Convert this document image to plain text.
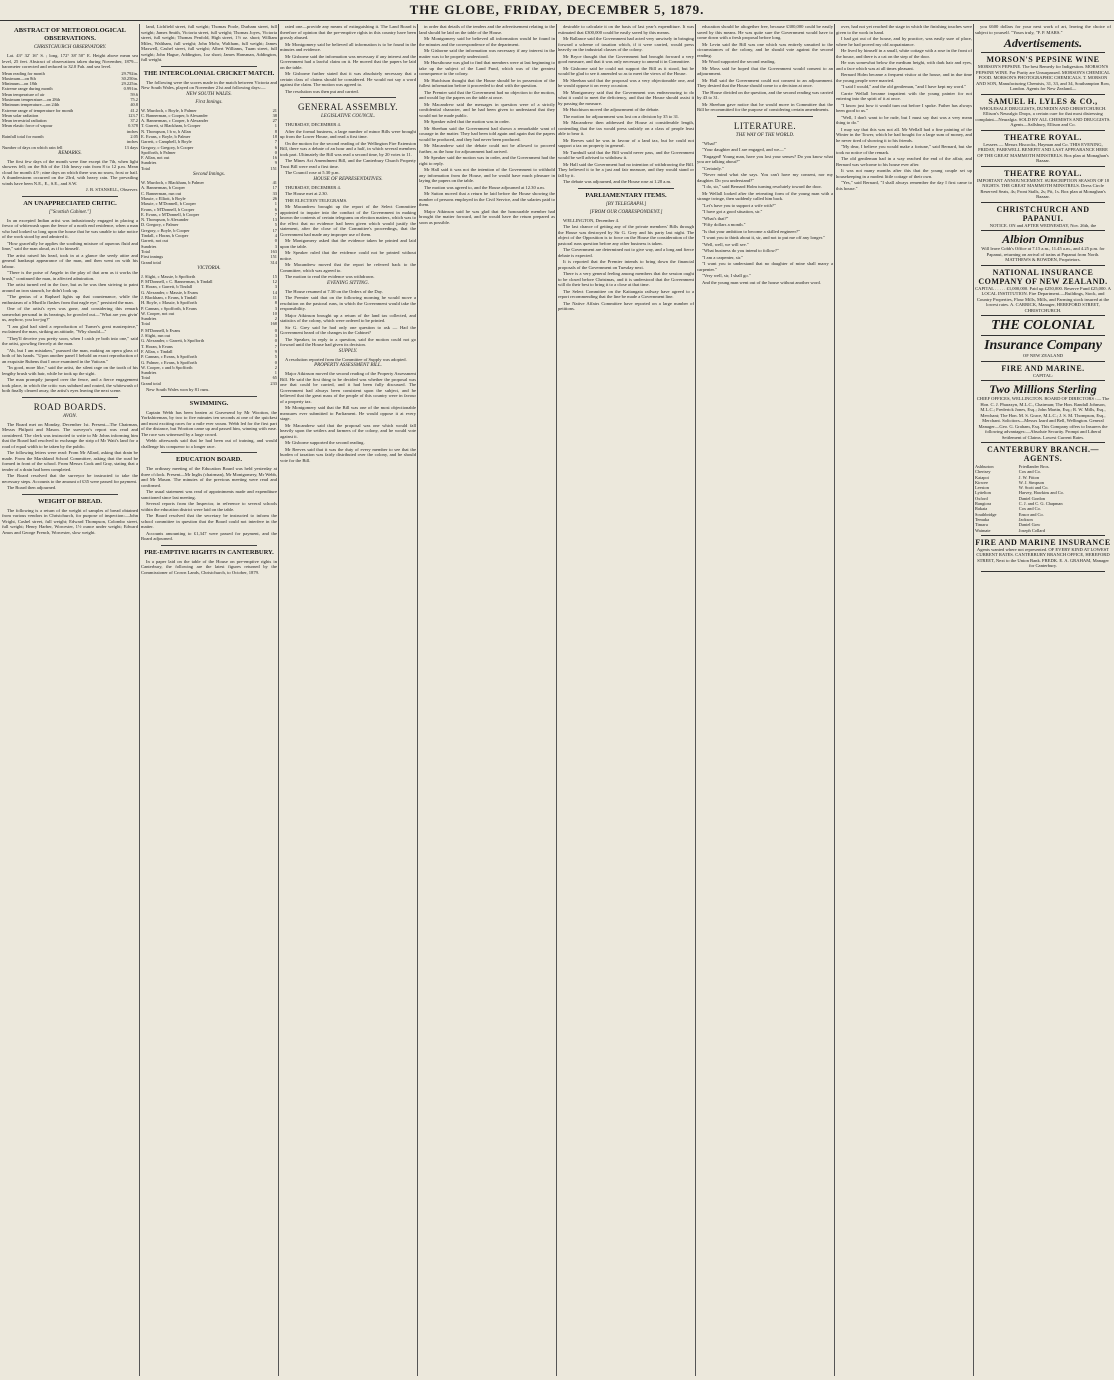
THE GLOBE, FRIDAY, DECEMBER 5, 1879.
ABSTRACT OF METEOROLOGICAL OBSERVATIONS.
CHRISTCHURCH OBSERVATORY.

Lat. 43° 32' 16" S. ; long. 172° 38' 50" E. Height above mean sea level, 25 feet. Abstract of observations taken during November, 1879—barometer corrected and reduced to 32.0 Fah. and sea level.

Mean reading for month	29.792in.
Maximum—on 8th	30.250in.
Minimum—on 18th	29.225in.
Extreme range during month	0.991in.
Mean temperature of air	59.6
Maximum temperature—on 28th	75.2
Minimum temperature—on 24th	40.8
Extreme range of temperature for month	41.2
Mean solar radiation	123.7
Mean terrestrial radiation	37.2
Mean elastic force of vapour	0.378 inches
Rainfall total for month	2.05 inches
Number of days on which rain fell	13 days
REMARKS.

The first few days of the month were fine except the 7th, when light showers fell; on the 8th of the 11th heavy rain from 8 to 12 p.m. Mean cloud for month 4.9 ; nine days on which there was no snow, frost or hail. A thunderstorm occurred on the 23rd, with heavy rain. The prevailing winds have been N.E., E., S.E., and S.W.

J. B. STANSELL, Observer.

AN UNAPPRECIATED CRITIC.
["Scottish Cabinet."]

In an excepted Indian artist was industriously engaged in placing a fresco of whitewash upon the fence of a north end residence, when a man who had looked so long upon the house that he was unable to take notice of the work stood by and admired it.

"How gracefully he applies the soothing mixture of aqueous fluid and lime," said the man aloud, as if to himself.

The artist raised his head, took in at a glance the seedy attire and general bankrupt appearance of the man, and then went on with his labour.

"There is the poise of Angelo in the play of that arm as it works the brush," continued the man, in affected admiration.

The artist turned red in the face, but as he was then striving to paint around an iron staunch, he didn't look up.

"The genius of a Raphael lights up that countenance, while the enthusiasm of a Murillo flashes from that eagle eye," persisted the man.

One of the artist's eyes was gone, and considering this remark somewhat personal in its bearings, he growled out—"What are you givin' us, anyhow, you loo-jog?"

"I am glad had sited a reproduction of Turner's great masterpiece," exclaimed the man, striking an attitude, "Why should—"

"They'll deceive you pretty soon, when I catch ye both into one," said the artist, growling fiercely at the man.

"Ah, but I am mistaken," pursued the man, making an opera glass of both of his hands. "Upon another panel I behold an exact reproduction of an exquisite Rubens that I once examined in the Vatican."

"In good, more like," said the artist, the silent rage on the tooth of his lengthy brush with hair, while he took up the sight.

The man promptly jumped over the fence, and a fierce engagement took place, in which the critic was subdued and routed, the whitewash of both finally cleared away, the artist's eyes leaving the next scene.

ROAD BOARDS.
AVON.

The Board met on Monday, December 1st. Present—The Chairman, Messrs Philpott and Mason. The surveyor's report was read and considered. The clerk was instructed to write to Mr Johns informing him that the Board had resolved to exchange the strip of Mr Watt's land for a road of equal width to be taken by the public.

The following letters were read: From Mr Allard, asking that drain be made. From the Marshland School Committee, asking that the road be formed in front of the school. From Messrs Cook and Gray, stating that a tender of a drain had been completed.

The Board resolved that the surveyor be instructed to take the necessary steps. Accounts to the amount of £35 were passed for payment.

The Board then adjourned.

WEIGHT OF BREAD.

The following is a return of the weight of samples of bread obtained from various vendors in Christchurch, for purpose of inspection:—John Wright, Cashel street, full weight; Edward Thompson, Colombo street, full weight; Henry Harber, Worcester, 1½ ounce under weight; Edward Amos and George French, Worcester, slow weight.

land, Lichfield street, full weight; Thomas Poole, Durham street, full weight; James Smith, Victoria street, full weight; Thomas Joyes, Victoria street, full weight; Thomas Penfold, High street, 1½ oz. short; William Miles, Waltham, full weight; John Mohr, Waltham, full weight; James Maxwell, Cashel street, full weight; Albert Williams, Tuam street, full weight; John Hague, Addington, 1oz short; James Hansman, Addington, full weight.

THE INTERCOLONIAL CRICKET MATCH.

The following were the scores made in the match between Victoria and New South Wales, played on November 21st and following days:—

NEW SOUTH WALES.
First Innings.
W. Murdoch, c Boyle, b Palmer	21
C. Bannerman, c Cooper, b Alexander	38
A. Bannerman, c Cooper, b Alexander	27
T. Garrett, st Blackham, b Cooper	1
N. Thompson, l b w, b Allan	8
E. Evans, c Boyle, b Palmer	18
Garrett, c Campbell, b Boyle	7
Gregory, c Gregory, b Cooper	6
Spofforth, b Palmer	0
F. Allan, not out	16
Sundries	9
Total	151
Second Innings.
W. Murdoch, c Blackham, b Palmer	41
A. Bannerman, b Cooper	17
C. Bannerman, run out	33
Massie, c Elliott, b Boyle	26
Massie, c M'Donnell, b Cooper	1
Evans, c M'Donnell, b Cooper	6
E. Evans, c M'Donnell, b Cooper	7
N. Thompson, b Alexander	13
D. Gregory, c Palmer	5
Gregory, c Boyle, b Cooper	17
Tindall, c Horan, b Cooper	4
Garrett, not out	0
Sundries	3
Total	163
First innings	151
Grand total	314
VICTORIA.
J. Slight, c Massie, b Spofforth	15
P. M'Donnell, c C. Bannerman, b Tindall	12
T. Horan, c Garrett, b Tindall	3
G. Alexander, c Massie, b Evans	14
J. Blackham, c Evans, b Tindall	11
H. Boyle, c Massie, b Spofforth	8
P. Cannan, c Spofforth, b Evans	3
W. Cooper, not out	10
Sundries	2
Total	168
P. M'Donnell, b Evans	0
J. Slight, run out	3
G. Alexander, c Garrett, b Spofforth	0
T. Horan, b Evans	7
F. Allan, c Tindall	9
P. Cannan, c Evans, b Spofforth	5
G. Palmer, c Evans, b Spofforth	0
W. Cooper, c and b Spofforth	2
Sundries	1
Total	65
Grand total	233

New South Wales won by 81 runs.

SWIMMING.

Captain Webb has been beaten at Gravesend by Mr Wootton, the Yorkshireman, by two to five minutes ten seconds at one of the quickest and most exciting races for a mile ever swum. Webb led for the first part of the distance, but Wootton came up and passed him, winning with ease. The race was witnessed by a large crowd.

Webb afterwards said that he had been out of training, and would challenge his conqueror to a longer race.

EDUCATION BOARD.

The ordinary meeting of the Education Board was held yesterday at three o'clock. Present—Mr Inglis (chairman), Mr Montgomery, Mr Webb, and Mr Mason. The minutes of the previous meeting were read and confirmed.

The usual statement was read of appointments made and expenditure sanctioned since last meeting.

Several reports from the Inspector, in reference to several schools within the education district were laid on the table.

The Board resolved that the secretary be instructed to inform the school committee in question that the Board could not interfere in the matter.

Accounts amounting to £1,347 were passed for payment, and the Board adjourned.

PRE-EMPTIVE RIGHTS IN CANTERBURY.

In a paper laid on the table of the House on pre-emptive rights in Canterbury, the following are the latest figures returned by the Commissioner of Crown Lands, Christchurch, to October, 1879.

rated one—provide any means of extinguishing it. The Land Board is therefore of opinion that the pre-emptive rights in this country have been grossly abused.

Mr Montgomery said he believed all information is to be found in the minutes and evidence.

Mr Gisborne said the information was necessary if any interest and the Government had a lawful claim on it. He moved that the papers be laid on the table.

Mr Gisborne further stated that it was absolutely necessary that a certain class of claims should be considered. He would not say a word against the claim. The motion was agreed to.

The resolution was then put and carried.

GENERAL ASSEMBLY.
LEGISLATIVE COUNCIL.

THURSDAY, DECEMBER 4.

After the formal business, a large number of minor Bills were brought up from the Lower House, and read a first time.

On the motion for the second reading of the Wellington Fire Extension Bill, there was a debate of an hour and a half, in which several members took part. Ultimately the Bill was read a second time, by 20 votes to 11.

The Mines Act Amendment Bill, and the Canterbury Church Property Trust Bill were read a first time.

The Council rose at 5.30 p.m.

HOUSE OF REPRESENTATIVES.

THURSDAY, DECEMBER 4.

The House met at 2.30.

THE ELECTION TELEGRAMS.

Mr Macandrew brought up the report of the Select Committee appointed to inquire into the conduct of the Government in making known the contents of certain telegrams on election matters, which was to the effect that no evidence had been given which would justify the statement, after the close of the Committee's proceedings, that the Government had made any improper use of them.

Mr Montgomery asked that the evidence taken be printed and laid upon the table.

Mr Speaker ruled that the evidence could not be printed without notice.

Mr Macandrew moved that the report be referred back to the Committee, which was agreed to.

The motion to read the evidence was withdrawn.

EVENING SITTING.

The House resumed at 7.30 on the Orders of the Day.

The Premier said that on the following morning he would move a resolution on the pastoral runs, in which the Government would take the responsibility.

Major Atkinson brought up a return of the land tax collected, and statistics of the colony, which were ordered to be printed.

Sir G. Grey said he had only one question to ask — Had the Government heard of the changes in the Cabinet?

The Speaker, in reply to a question, said the motion could not go forward until the House had given its decision.

SUPPLY.

A resolution reported from the Committee of Supply was adopted.

PROPERTY ASSESSMENT BILL.

Major Atkinson moved the second reading of the Property Assessment Bill. He said the first thing to be decided was whether the proposal was one that could be carried, and it had been fully discussed. The Government had always been consistent upon the subject, and he believed that the great mass of the people of this country were in favour of a property tax.

Mr Montgomery said that the Bill was one of the most objectionable measures ever submitted to Parliament. He would oppose it at every stage.

Mr Macandrew said that the proposal was one which would fall heavily upon the settlers and farmers of the colony, and he would vote against it.

Mr Gisborne supported the second reading.

Mr Reeves said that it was the duty of every member to see that the burden of taxation was fairly distributed over the colony, and he should vote for the Bill.

in order that details of the tenders and the advertisement relating to the land should be laid on the table of the House.

Mr Montgomery said he believed all information would be found in the minutes and the correspondence of the department.

Mr Gisborne said the information was necessary if any interest in the matter was to be properly understood.

Mr Hursthouse was glad to find that members were at last beginning to take up the subject of the Land Fund, which was of the greatest consequence to the colony.

Mr Hutchison thought that the House should be in possession of the fullest information before it proceeded to deal with the question.

The Premier said that the Government had no objection to the motion, and would lay the papers on the table at once.

Mr Macandrew said the messages in question were of a strictly confidential character, and he had been given to understand that they would not be made public.

Mr Speaker ruled that the motion was in order.

Mr Sheehan said the Government had shown a remarkable want of courage in the matter. They had been told again and again that the papers would be produced, and they had never been produced.

Mr Macandrew said the debate could not be allowed to proceed further, as the hour for adjournment had arrived.

Mr Speaker said the motion was in order, and the Government had the right to reply.

Mr Hall said it was not the intention of the Government to withhold any information from the House, and he would have much pleasure in laying the papers on the table.

The motion was agreed to, and the House adjourned at 12.30 a.m.

Mr Sutton moved that a return be laid before the House showing the number of persons employed in the Civil Service, and the salaries paid to them.

Major Atkinson said he was glad that the honourable member had brought the matter forward, and he would have the return prepared as soon as possible.

desirable to calculate it on the basis of last year's expenditure. It was estimated that £300,000 could be easily saved by this means.

Mr Ballance said the Government had acted very unwisely in bringing forward a scheme of taxation which, if it were carried, would press heavily on the industrial classes of the colony.

Mr Bryce thought that the Government had brought forward a very good measure, and that it was only necessary to amend it in Committee.

Mr Gisborne said he could not support the Bill as it stood, but he would be glad to see it amended so as to meet the views of the House.

Mr Sheehan said that the proposal was a very objectionable one, and he would oppose it on every occasion.

Mr Montgomery said that the Government was endeavouring to do what it could to meet the deficiency, and that the House should assist it by passing the measure.

Mr Hutchison moved the adjournment of the debate.

The motion for adjournment was lost on a division by 35 to 31.

Mr Macandrew then addressed the House at considerable length, contending that the tax would press unfairly on a class of people least able to bear it.

Mr Reeves said he was in favour of a land tax, but he could not support a tax on property in general.

Mr Turnbull said that the Bill would never pass, and the Government would be well advised to withdraw it.

Mr Hall said the Government had no intention of withdrawing the Bill. They believed it to be a just and fair measure, and they would stand or fall by it.

The debate was adjourned, and the House rose at 1.20 a.m.

PARLIAMENTARY ITEMS.
[BY TELEGRAPH.]
[FROM OUR CORRESPONDENT.]

WELLINGTON, December 4.

The last chance of getting any of the private members' Bills through the House was destroyed by Sir G. Grey and his party last night. The object of the Opposition is to force on the House the consideration of the pastoral runs question before any other business is taken.

The Government are determined not to give way, and a long and fierce debate is expected.

It is reported that the Premier intends to bring down the financial proposals of the Government on Tuesday next.

There is a very general feeling among members that the session ought to be closed before Christmas, and it is understood that the Government will do their best to bring it to a close at that time.

The Select Committee on the Kaitangata railway have agreed to a report recommending that the line be made a Government line.

The Native Affairs Committee have reported on a large number of petitions.

education should be altogether free, because £300,000 could be easily saved by this means. He was quite sure the Government would have to come down with a fresh proposal before long.

Mr Levin said the Bill was one which was entirely unsuited to the circumstances of the colony, and he should vote against the second reading.

Mr Wood supported the second reading.

Mr Moss said he hoped that the Government would consent to an adjournment.

Mr Hall said the Government could not consent to an adjournment. They desired that the House should come to a decision at once.

The House divided on the question, and the second reading was carried by 43 to 31.

Mr Sheehan gave notice that he would move in Committee that the Bill be recommitted for the purpose of considering certain amendments.

LITERATURE.
THE WAY OF THE WORLD.

"What!"

"Your daughter and I are engaged, and we—"

"Engaged! Young man, have you lost your senses? Do you know what you are talking about?"

"Certainly."

"Never mind what she says. You can't have my consent, nor my daughter. Do you understand?"

"I do, sir," said Bernard Holm turning resolutely toward the door.

Mr Wellall looked after the retreating form of the young man with a strange twinge, then suddenly called him back.

"Let's have you to support a wife with?"

"I have got a good situation, sir."

"What's that?"

"Fifty dollars a month."

"Is that your ambition to become a skilled engineer?"

"I want you to think about it, sir, and not to put me off any longer."

"Well, well, we will see."

"What business do you intend to follow?"

"I am a carpenter, sir."

"I want you to understand that no daughter of mine shall marry a carpenter."

"Very well, sir, I shall go."

And the young man went out of the house without another word.

over, had not yet reached the stage in which the finishing touches were given to the work in hand.

I had got out of the house, and by practice, was easily sure of place, where he had proved my old acquaintance.

He lived by himself in a small, white cottage with a rose in the front of the house, and there is a cat on the step of the door.

He was somewhat below the medium height, with dark hair and eyes, and a face which was at all times pleasant.

Bernard Holm became a frequent visitor at the house, and in due time the young people were married.

"I said I would," and the old gentleman, "and I have kept my word."

Carrie Wellall became impatient with the young painter for not entering into the spirit of it at once.

"I know just how it would turn out before I spoke. Father has always been good to us."

"Well, I don't want to be rude, but I must say that was a very mean thing to do."

I may say that this was not all. Mr Wellall had a fine painting of the Winter in the Tower, which he had bought for a large sum of money, and he never tired of showing it to his friends.

"My dear, I believe you would make a fortune," said Bernard, but she took no notice of the remark.

The old gentleman had in a way reached the end of the affair, and Bernard was welcome to his house ever after.

It was not many months after this that the young couple set up housekeeping in a modest little cottage of their own.

"Yes," said Bernard, "I shall always remember the day I first came to this house."

you £600 dollars for your next work of art, leaving the choice of subject to yourself. "Yours truly, "F. P. MARS."

Advertisements.
MORSON'S PEPSINE WINE
MORSON'S PEPSINE. The best Remedy for Indigestion. MORSON'S PEPSINE WINE. For Purity are Unsurpassed. MORSON'S CHEMICAL FOOD. MORSON'S PHOTOGRAPHIC CHEMICALS. T. MORSON AND SON, Manufacturing Chemists, 31, 33, and 34, Southampton Row, London. Agents for New Zealand—
SAMUEL H. LYLES & CO.,
WHOLESALE DRUGGISTS, DUNEDIN AND CHRISTCHURCH. Ellison's Neuralgic Drops, a certain cure for that most distressing complaint—Neuralgia. SOLD BY ALL CHEMISTS AND DRUGGISTS. Agents—Sallsbury, Ellison and Co.
THEATRE ROYAL.
Lessees — Messrs Hiscocks, Hayman and Co. THIS EVENING, FRIDAY, FAREWELL BENEFIT AND LAST APPEARANCE HERE OF THE GREAT MAMMOTH MINSTRELS. Box plan at Monaghan's Bazaar.
THEATRE ROYAL.
IMPORTANT ANNOUNCEMENT. SUBSCRIPTION SEASON OF 18 NIGHTS. THE GREAT MAMMOTH MINSTRELS. Dress Circle Reserved Seats, 4s; Front Stalls, 2s; Pit, 1s. Box plan at Monaghan's Bazaar.
CHRISTCHURCH AND PAPANUI.
NOTICE. ON and AFTER WEDNESDAY, Nov. 26th, the
Albion Omnibus
Will leave Cobb's Office at 7.15 a.m., 11.45 a.m., and 4.25 p.m. for Papanui, returning on arrival of trains at Papanui from North. MATTHEWS & BOWDEN, Proprietors.
NATIONAL INSURANCE COMPANY OF NEW ZEALAND.
CAPITAL . . . . . £1,000,000. Paid up £250,000. Reserve Fund £25,000. A LOCAL INSTITUTION. Fire Department.—Buildings, Stock, and Country Properties, Flour Mills, Mills, and Farming stock insured at the lowest rates. A. CARRICK, Manager, HEREFORD STREET, CHRISTCHURCH.
THE COLONIAL
Insurance Company
OF NEW ZEALAND
FIRE AND MARINE.
CAPITAL:
Two Millions Sterling
CHIEF OFFICES, WELLINGTON. BOARD OF DIRECTORS :— The Hon. C. J. Pharazyn, M.L.C., Chairman; The Hon. Randall Johnson, M.L.C.; Frederick Jones, Esq.; John Martin, Esq.; R. W. Mills, Esq., Merchant; The Hon. M. S. Grace, M.L.C.; J. S. M. Thompson, Esq., Merchant. Solicitors—Messrs Izard and Bell, Wellington. General Manager—Geo. G. Graham, Esq. This Company offers to Insurers the following advantages:—Absolute Security. Prompt and Liberal Settlement of Claims. Lowest Current Rates.
CANTERBURY BRANCH.—AGENTS.
Ashburton	Friedlander Bros.
Chertsey	Cox and Co.
Kaiapoi	J. W. Fitton
Kirwee	W. J. Simpson
Leeston	W. Scott and Co.
Lyttelton	Harvey, Hawkins and Co.
Oxford	Daniel Gordon
Rangiora	C. J. and C. G. Chapman
Rakaia	Cox and Co.
Southbridge	Ensor and Co.
Temuka	Jackson
Timaru	Daniel Gow
Waimate	Joseph Collard
FIRE AND MARINE INSURANCE
Agents wanted where not represented. OF EVERY KIND AT LOWEST CURRENT RATES. CANTERBURY BRANCH OFFICE, HEREFORD STREET, Next to the Union Bank. FREDK. E. A. GRAHAM, Manager for Canterbury.
